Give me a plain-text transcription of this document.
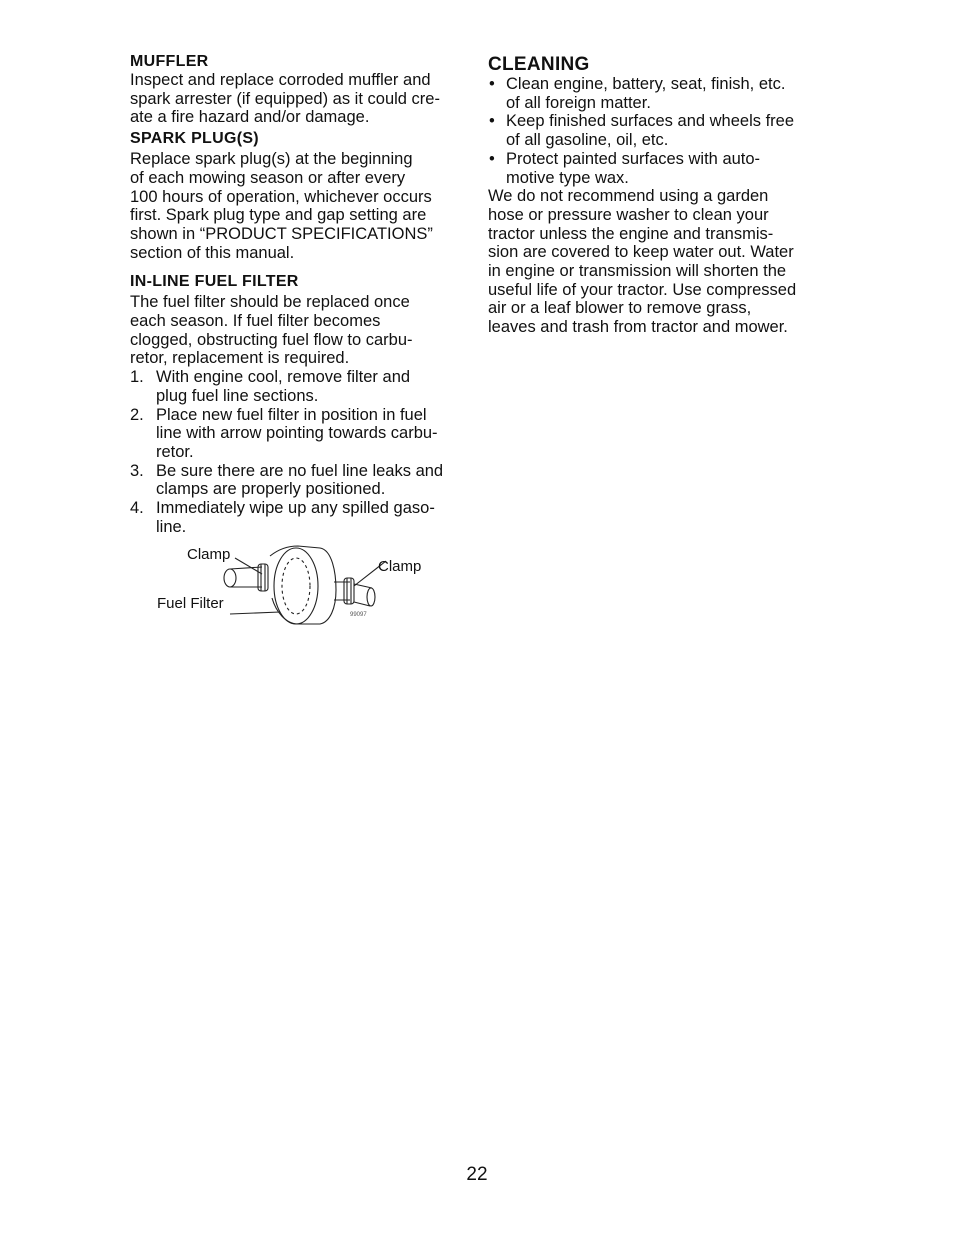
MUFFLER

Inspect and replace corroded muffler and
spark arrester (if equipped) as it could cre-
ate a fire hazard and/or damage.

SPARK PLUG(S)

Replace spark plug(s) at the beginning
of each mowing season or after every
100 hours of operation, whichever occurs
first. Spark plug type and gap setting are
shown in “PRODUCT SPECIFICATIONS”
section of this manual.

IN-LINE FUEL FILTER

The fuel filter should be replaced once
each season. If fuel filter becomes
clogged, obstructing fuel flow to carbu-
retor, replacement is required.

1. With engine cool, remove filter and
plug fuel line sections.
2. Place new fuel filter in position in fuel
line with arrow pointing towards carbu-
retor.
3. Be sure there are no fuel line leaks and
clamps are properly positioned.
4. Immediately wipe up any spilled gaso-
line.
99097
Clamp
Clamp
Fuel Filter
CLEANING
• Clean engine, battery, seat, finish, etc.
of all foreign matter.
• Keep finished surfaces and wheels free
of all gasoline, oil, etc.
• Protect painted surfaces with auto-
motive type wax.

We do not recommend using a garden
hose or pressure washer to clean your
tractor unless the engine and transmis-
sion are covered to keep water out. Water
in engine or transmission will shorten the
useful life of your tractor. Use compressed
air or a leaf blower to remove grass,
leaves and trash from tractor and mower.

22
